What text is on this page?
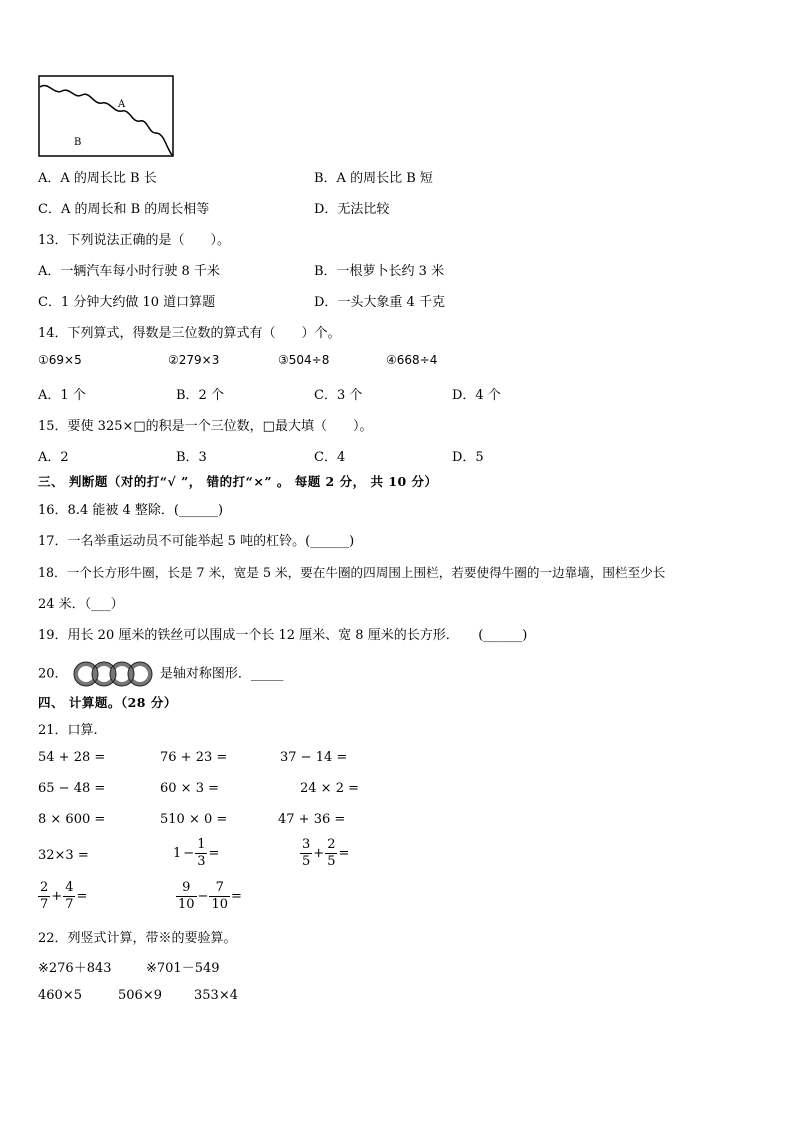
A
B
A．A 的周长比 B 长	B．A 的周长比 B 短
C．A 的周长和 B 的周长相等	D．无法比较
13．下列说法正确的是（　　）。
A．一辆汽车每小时行驶 8 千米	B．一根萝卜长约 3 米
C．1 分钟大约做 10 道口算题	D．一头大象重 4 千克
14．下列算式，得数是三位数的算式有（　　）个。
①69×5	②279×3	③504÷8	④668÷4
A．1 个	B．2 个	C．3 个	D．4 个
15．要使 325×□的积是一个三位数，□最大填（　　）。
A．2	B．3	C．4	D．5
三、 判断题（对的打“√ ”， 错的打“×” 。 每题 2 分， 共 10 分）
16．8.4 能被 4 整除．(______)
17．一名举重运动员不可能举起 5 吨的杠铃。(______)
18．一个长方形牛圈，长是 7 米，宽是 5 米，要在牛圈的四周围上围栏，若要使得牛圈的一边靠墙，围栏至少长
24 米．（___）
19．用长 20 厘米的铁丝可以围成一个长 12 厘米、宽 8 厘米的长方形．　　(______)
20．	是轴对称图形．_____
四、 计算题。（28 分）
21．口算.
54 + 28 =	76 + 23 =	37 − 14 =
65 − 48 =	60 × 3 =	24 × 2 =
8 × 600 =	510 × 0 =	47 + 36 =
32×3 =	$1 - \frac{1}{3}$ =	$\frac{3}{5} + \frac{2}{5}$ =
$\frac{2}{7} + \frac{4}{7}$ =	$\frac{9}{10} - \frac{7}{10}$ =
22．列竖式计算，带※的要验算。
※276＋843	※701－549
460×5	506×9 353×4
